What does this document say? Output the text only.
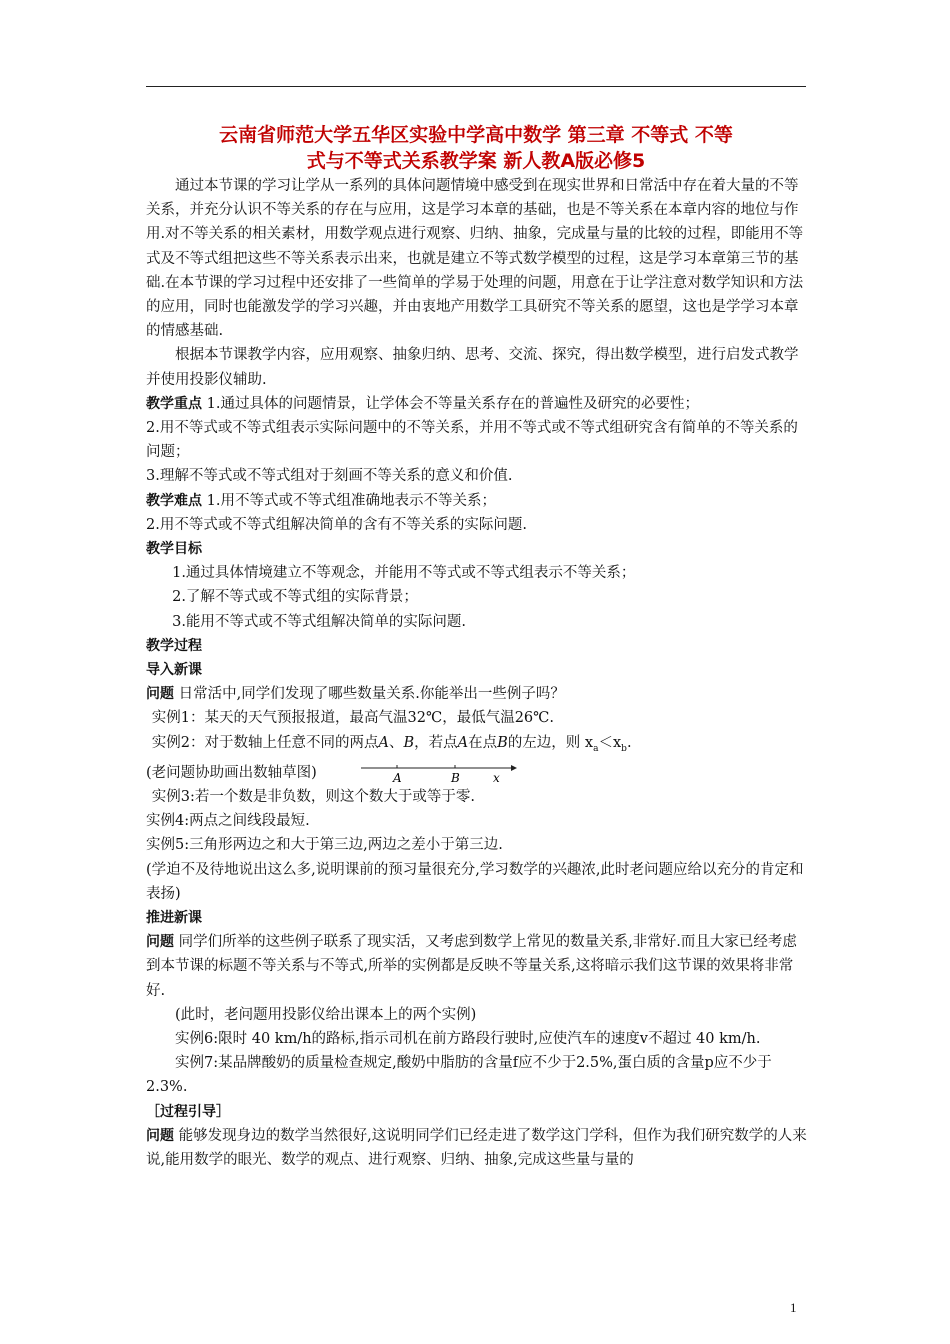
云南省师范大学五华区实验中学高中数学 第三章 不等式 不等
式与不等式关系教学案 新人教A版必修5

通过本节课的学习让学从一系列的具体问题情境中感受到在现实世界和日常活中存在着大量的不等关系，并充分认识不等关系的存在与应用，这是学习本章的基础，也是不等关系在本章内容的地位与作用.对不等关系的相关素材，用数学观点进行观察、归纳、抽象，完成量与量的比较的过程，即能用不等式及不等式组把这些不等关系表示出来，也就是建立不等式数学模型的过程，这是学习本章第三节的基础.在本节课的学习过程中还安排了一些简单的学易于处理的问题，用意在于让学注意对数学知识和方法的应用，同时也能激发学的学习兴趣，并由衷地产用数学工具研究不等关系的愿望，这也是学学习本章的情感基础.

根据本节课教学内容，应用观察、抽象归纳、思考、交流、探究，得出数学模型，进行启发式教学并使用投影仪辅助.

教学重点 1.通过具体的问题情景，让学体会不等量关系存在的普遍性及研究的必要性；

2.用不等式或不等式组表示实际问题中的不等关系，并用不等式或不等式组研究含有简单的不等关系的问题；

3.理解不等式或不等式组对于刻画不等关系的意义和价值.

教学难点 1.用不等式或不等式组准确地表示不等关系；

2.用不等式或不等式组解决简单的含有不等关系的实际问题.

教学目标

1.通过具体情境建立不等观念，并能用不等式或不等式组表示不等关系；

2.了解不等式或不等式组的实际背景；

3.能用不等式或不等式组解决简单的实际问题.

教学过程

导入新课

问题 日常活中,同学们发现了哪些数量关系.你能举出一些例子吗？

实例1：某天的天气预报报道，最高气温32℃，最低气温26℃.

实例2：对于数轴上任意不同的两点A、B，若点A在点B的左边，则 $x_a<x_b$.

(老问题协助画出数轴草图)	A	B	x

实例3:若一个数是非负数，则这个数大于或等于零.

实例4:两点之间线段最短.

实例5:三角形两边之和大于第三边,两边之差小于第三边.

(学迫不及待地说出这么多,说明课前的预习量很充分,学习数学的兴趣浓,此时老问题应给以充分的肯定和表扬)

推进新课

问题 同学们所举的这些例子联系了现实活，又考虑到数学上常见的数量关系,非常好.而且大家已经考虑到本节课的标题不等关系与不等式,所举的实例都是反映不等量关系,这将暗示我们这节课的效果将非常好.

(此时，老问题用投影仪给出课本上的两个实例)

实例6:限时 40 km/h的路标,指示司机在前方路段行驶时,应使汽车的速度v不超过 40 km/h.

实例7:某品牌酸奶的质量检查规定,酸奶中脂肪的含量f应不少于2.5%,蛋白质的含量p应不少于2.3%.

［过程引导］

问题 能够发现身边的数学当然很好,这说明同学们已经走进了数学这门学科，但作为我们研究数学的人来说,能用数学的眼光、数学的观点、进行观察、归纳、抽象,完成这些量与量的

1
